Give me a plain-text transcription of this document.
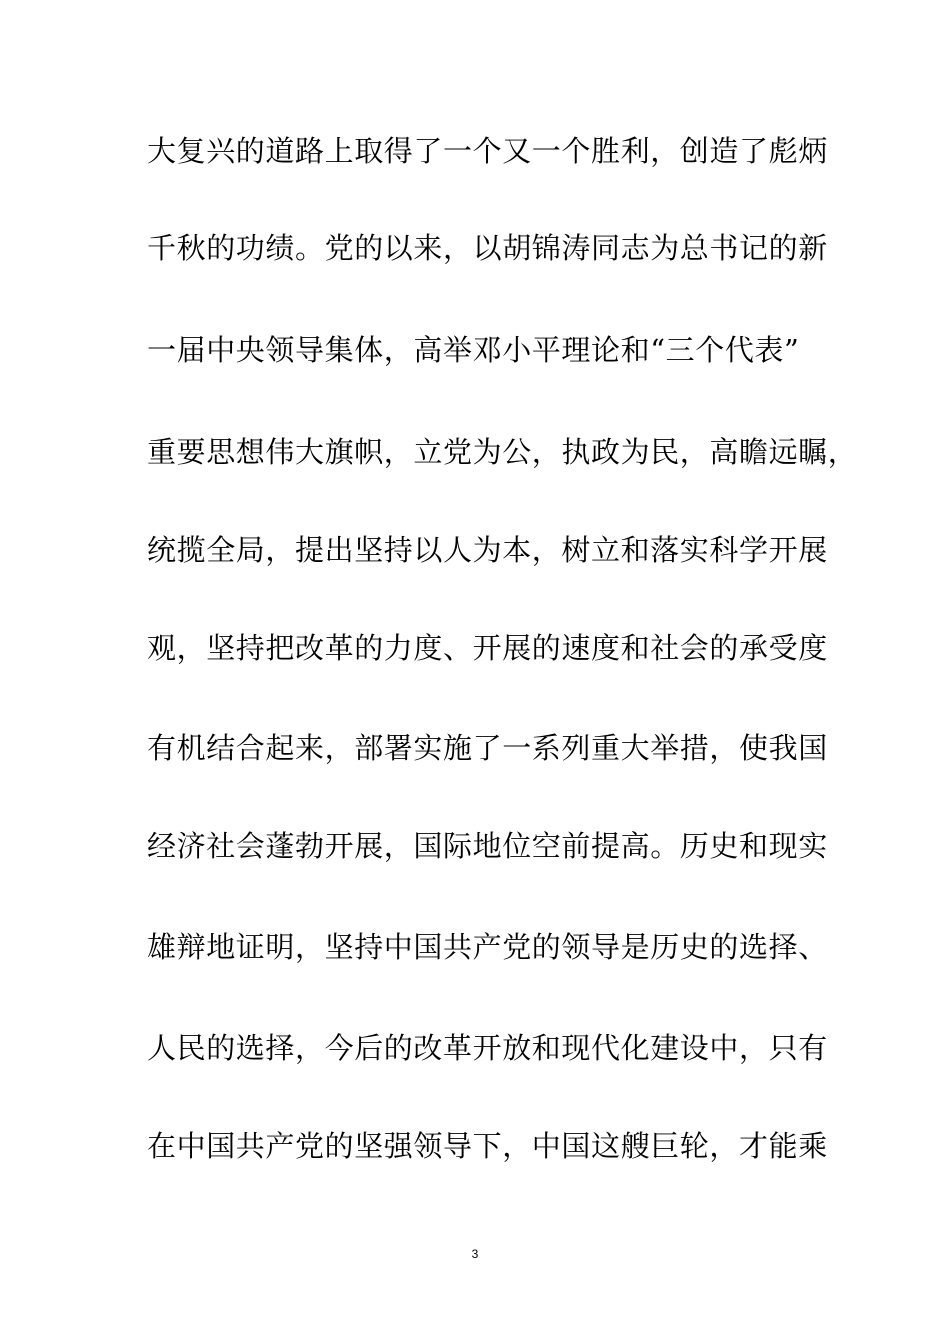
大复兴的道路上取得了一个又一个胜利，创造了彪炳
千秋的功绩。党的以来，以胡锦涛同志为总书记的新
一届中央领导集体，高举邓小平理论和“三个代表”
重要思想伟大旗帜，立党为公，执政为民，高瞻远瞩，
统揽全局，提出坚持以人为本，树立和落实科学开展
观，坚持把改革的力度、开展的速度和社会的承受度
有机结合起来，部署实施了一系列重大举措，使我国
经济社会蓬勃开展，国际地位空前提高。历史和现实
雄辩地证明，坚持中国共产党的领导是历史的选择、
人民的选择，今后的改革开放和现代化建设中，只有
在中国共产党的坚强领导下，中国这艘巨轮，才能乘
3
